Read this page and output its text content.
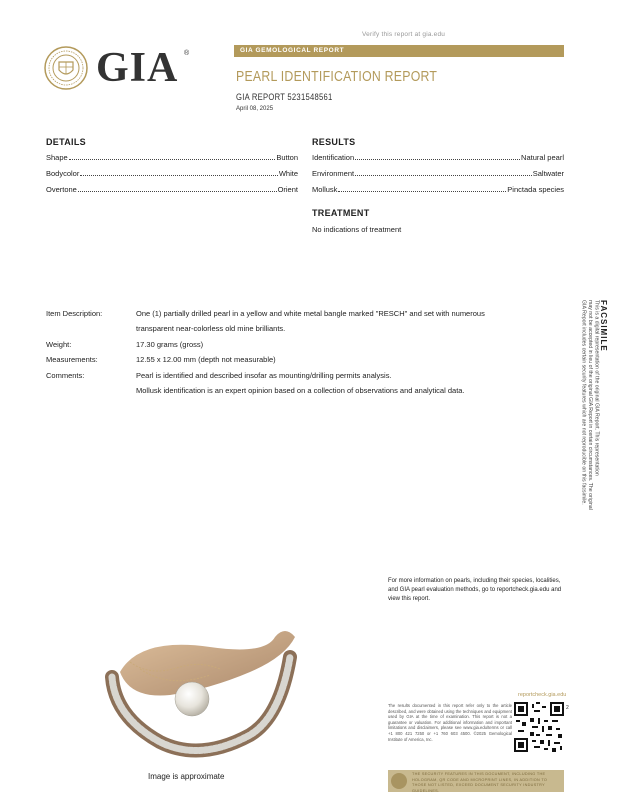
Verify this report at gia.edu
GIA ®	GIA GEMOLOGICAL REPORT
PEARL IDENTIFICATION REPORT
GIA REPORT 5231548561
April 08, 2025
DETAILS
Shape	Button
Bodycolor	White
Overtone	Orient
RESULTS
Identification	Natural pearl
Environment	Saltwater
Mollusk	Pinctada species
TREATMENT
No indications of treatment
Item Description:	One (1) partially drilled pearl in a yellow and white metal bangle marked "RESCH" and set with numerous
transparent near-colorless old mine brilliants.
Weight:	17.30 grams (gross)
Measurements:	12.55 x 12.00 mm (depth not measurable)
Comments:	Pearl is identified and described insofar as mounting/drilling permits analysis.
Mollusk identification is an expert opinion based on a collection of observations and analytical data.
FACSIMILE
This is a digital representation of the original GIA Report. This representation
may not be accepted in lieu of the original GIA Report in certain circumstances. The original
GIA Report includes certain security features which are not reproducible on this facsimile.
For more information on pearls, including their species, localities, and GIA pearl evaluation methods, go to reportcheck.gia.edu and view this report.
Image is approximate
reportcheck.gia.edu
The results documented in this report refer only to the article described, and were obtained using the techniques and equipment used by GIA at the time of examination. This report is not a guarantee or valuation. For additional information and important limitations and disclaimers, please see www.gia.edu/terms or call +1 800 421 7250 or +1 760 603 4500. ©2025 Gemological Institute of America, Inc.
2
THE SECURITY FEATURES IN THIS DOCUMENT, INCLUDING THE HOLOGRAM, QR CODE AND MICROPRINT LINES, IN ADDITION TO THOSE NOT LISTED, EXCEED DOCUMENT SECURITY INDUSTRY GUIDELINES.
